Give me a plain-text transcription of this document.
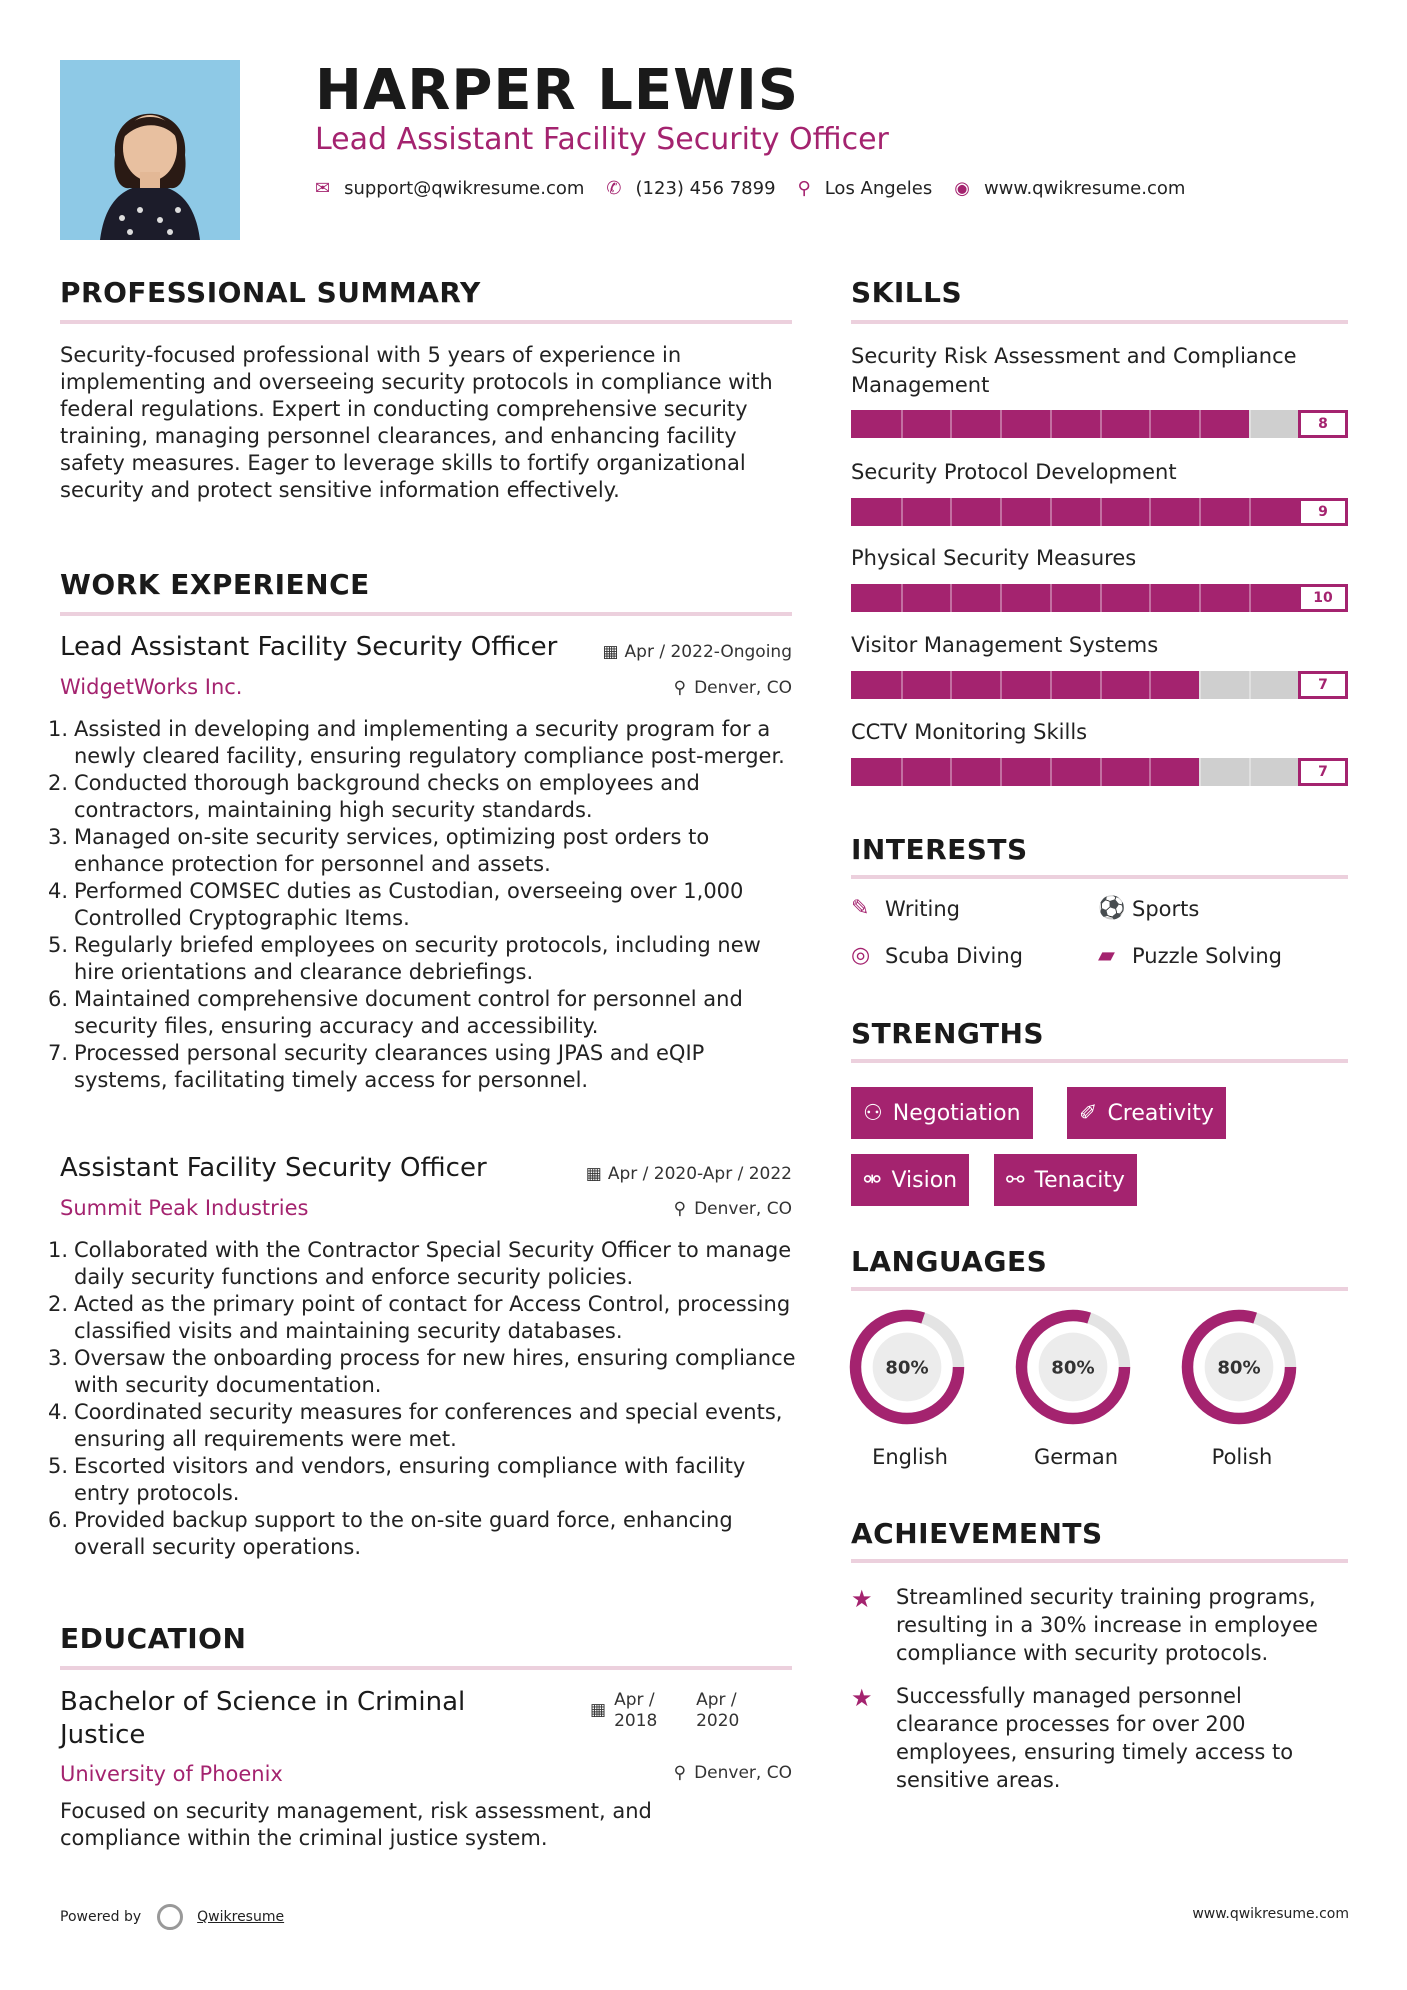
HARPER LEWIS
Lead Assistant Facility Security Officer
✉ support@qwikresume.com ✆ (123) 456 7899 ⚲ Los Angeles ◉ www.qwikresume.com
PROFESSIONAL SUMMARY
Security-focused professional with 5 years of experience in implementing and overseeing security protocols in compliance with federal regulations. Expert in conducting comprehensive security training, managing personnel clearances, and enhancing facility safety measures. Eager to leverage skills to fortify organizational security and protect sensitive information effectively.
WORK EXPERIENCE
Lead Assistant Facility Security Officer	▦ Apr / 2022-Ongoing
WidgetWorks Inc.	⚲ Denver, CO
1. Assisted in developing and implementing a security program for a newly cleared facility, ensuring regulatory compliance post-merger.
2. Conducted thorough background checks on employees and contractors, maintaining high security standards.
3. Managed on-site security services, optimizing post orders to enhance protection for personnel and assets.
4. Performed COMSEC duties as Custodian, overseeing over 1,000 Controlled Cryptographic Items.
5. Regularly briefed employees on security protocols, including new hire orientations and clearance debriefings.
6. Maintained comprehensive document control for personnel and security files, ensuring accuracy and accessibility.
7. Processed personal security clearances using JPAS and eQIP systems, facilitating timely access for personnel.
Assistant Facility Security Officer	▦ Apr / 2020-Apr / 2022
Summit Peak Industries	⚲ Denver, CO
1. Collaborated with the Contractor Special Security Officer to manage daily security functions and enforce security policies.
2. Acted as the primary point of contact for Access Control, processing classified visits and maintaining security databases.
3. Oversaw the onboarding process for new hires, ensuring compliance with security documentation.
4. Coordinated security measures for conferences and special events, ensuring all requirements were met.
5. Escorted visitors and vendors, ensuring compliance with facility entry protocols.
6. Provided backup support to the on-site guard force, enhancing overall security operations.
EDUCATION
Bachelor of Science in Criminal Justice
▦ Apr / 2018
Apr / 2020
University of Phoenix	⚲ Denver, CO
Focused on security management, risk assessment, and compliance within the criminal justice system.
SKILLS
Security Risk Assessment and Compliance Management
8
Security Protocol Development
9
Physical Security Measures
10
Visitor Management Systems
7
CCTV Monitoring Skills
7
INTERESTS
✎ Writing	⚽ Sports
◎ Scuba Diving	▰ Puzzle Solving
STRENGTHS
⚇ Negotiation	✐ Creativity
⚮ Vision ⚯ Tenacity
LANGUAGES
80%
English
80%
German
80%
Polish
ACHIEVEMENTS
★ Streamlined security training programs, resulting in a 30% increase in employee compliance with security protocols.
★ Successfully managed personnel clearance processes for over 200 employees, ensuring timely access to sensitive areas.
Powered by	Qwikresume	www.qwikresume.com
